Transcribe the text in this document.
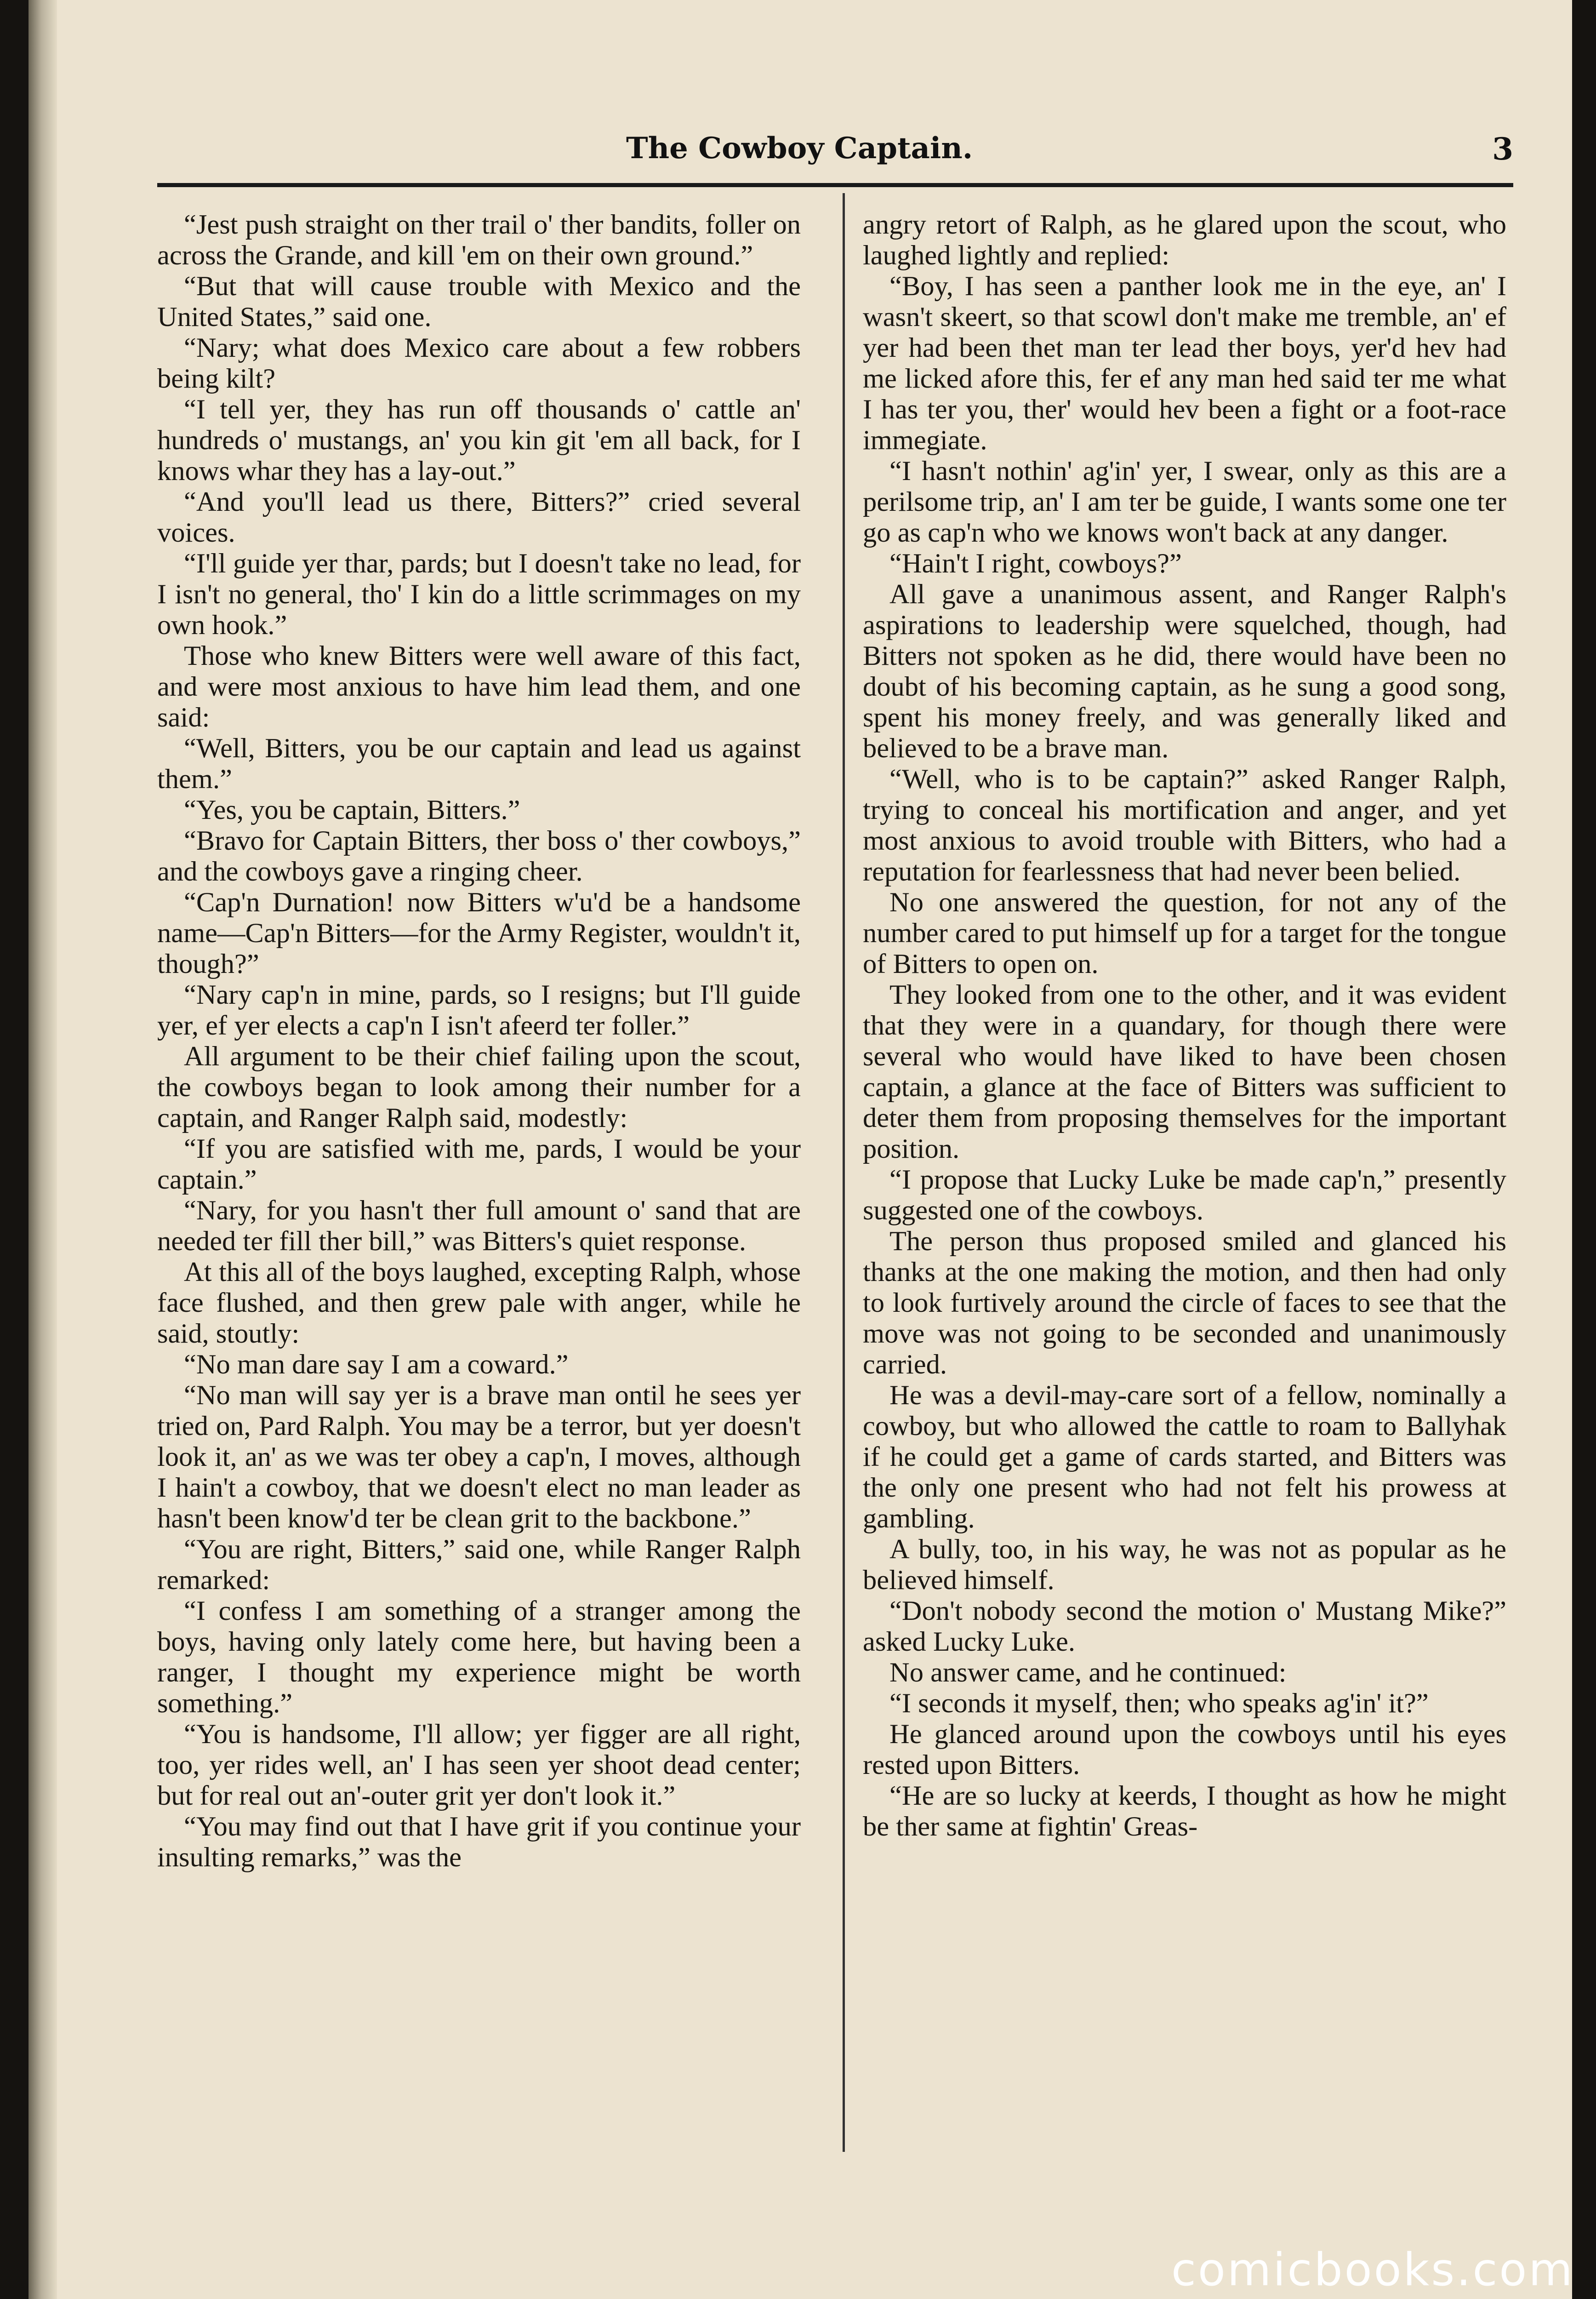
The Cowboy Captain.	3

“Jest push straight on ther trail o' ther bandits, foller on across the Grande, and kill 'em on their own ground.”

“But that will cause trouble with Mexico and the United States,” said one.

“Nary; what does Mexico care about a few robbers being kilt?

“I tell yer, they has run off thousands o' cattle an' hundreds o' mustangs, an' you kin git 'em all back, for I knows whar they has a lay-out.”

“And you'll lead us there, Bitters?” cried several voices.

“I'll guide yer thar, pards; but I doesn't take no lead, for I isn't no general, tho' I kin do a little scrimmages on my own hook.”

Those who knew Bitters were well aware of this fact, and were most anxious to have him lead them, and one said:

“Well, Bitters, you be our captain and lead us against them.”

“Yes, you be captain, Bitters.”

“Bravo for Captain Bitters, ther boss o' ther cowboys,” and the cowboys gave a ringing cheer.

“Cap'n Durnation! now Bitters w'u'd be a handsome name—Cap'n Bitters—for the Army Register, wouldn't it, though?”

“Nary cap'n in mine, pards, so I resigns; but I'll guide yer, ef yer elects a cap'n I isn't afeerd ter foller.”

All argument to be their chief failing upon the scout, the cowboys began to look among their number for a captain, and Ranger Ralph said, modestly:

“If you are satisfied with me, pards, I would be your captain.”

“Nary, for you hasn't ther full amount o' sand that are needed ter fill ther bill,” was Bitters's quiet response.

At this all of the boys laughed, excepting Ralph, whose face flushed, and then grew pale with anger, while he said, stoutly:

“No man dare say I am a coward.”

“No man will say yer is a brave man ontil he sees yer tried on, Pard Ralph. You may be a terror, but yer doesn't look it, an' as we was ter obey a cap'n, I moves, although I hain't a cowboy, that we doesn't elect no man leader as hasn't been know'd ter be clean grit to the backbone.”

“You are right, Bitters,” said one, while Ranger Ralph remarked:

“I confess I am something of a stranger among the boys, having only lately come here, but having been a ranger, I thought my experience might be worth something.”

“You is handsome, I'll allow; yer figger are all right, too, yer rides well, an' I has seen yer shoot dead center; but for real out an'-outer grit yer don't look it.”

“You may find out that I have grit if you continue your insulting remarks,” was the

angry retort of Ralph, as he glared upon the scout, who laughed lightly and replied:

“Boy, I has seen a panther look me in the eye, an' I wasn't skeert, so that scowl don't make me tremble, an' ef yer had been thet man ter lead ther boys, yer'd hev had me licked afore this, fer ef any man hed said ter me what I has ter you, ther' would hev been a fight or a foot-race immegiate.

“I hasn't nothin' ag'in' yer, I swear, only as this are a perilsome trip, an' I am ter be guide, I wants some one ter go as cap'n who we knows won't back at any danger.

“Hain't I right, cowboys?”

All gave a unanimous assent, and Ranger Ralph's aspirations to leadership were squelched, though, had Bitters not spoken as he did, there would have been no doubt of his becoming captain, as he sung a good song, spent his money freely, and was generally liked and believed to be a brave man.

“Well, who is to be captain?” asked Ranger Ralph, trying to conceal his mortification and anger, and yet most anxious to avoid trouble with Bitters, who had a reputation for fearlessness that had never been belied.

No one answered the question, for not any of the number cared to put himself up for a target for the tongue of Bitters to open on.

They looked from one to the other, and it was evident that they were in a quandary, for though there were several who would have liked to have been chosen captain, a glance at the face of Bitters was sufficient to deter them from proposing themselves for the important position.

“I propose that Lucky Luke be made cap'n,” presently suggested one of the cowboys.

The person thus proposed smiled and glanced his thanks at the one making the motion, and then had only to look furtively around the circle of faces to see that the move was not going to be seconded and unanimously carried.

He was a devil-may-care sort of a fellow, nominally a cowboy, but who allowed the cattle to roam to Ballyhak if he could get a game of cards started, and Bitters was the only one present who had not felt his prowess at gambling.

A bully, too, in his way, he was not as popular as he believed himself.

“Don't nobody second the motion o' Mustang Mike?” asked Lucky Luke.

No answer came, and he continued:

“I seconds it myself, then; who speaks ag'in' it?”

He glanced around upon the cowboys until his eyes rested upon Bitters.

“He are so lucky at keerds, I thought as how he might be ther same at fightin' Greas-

comicbooks.com
